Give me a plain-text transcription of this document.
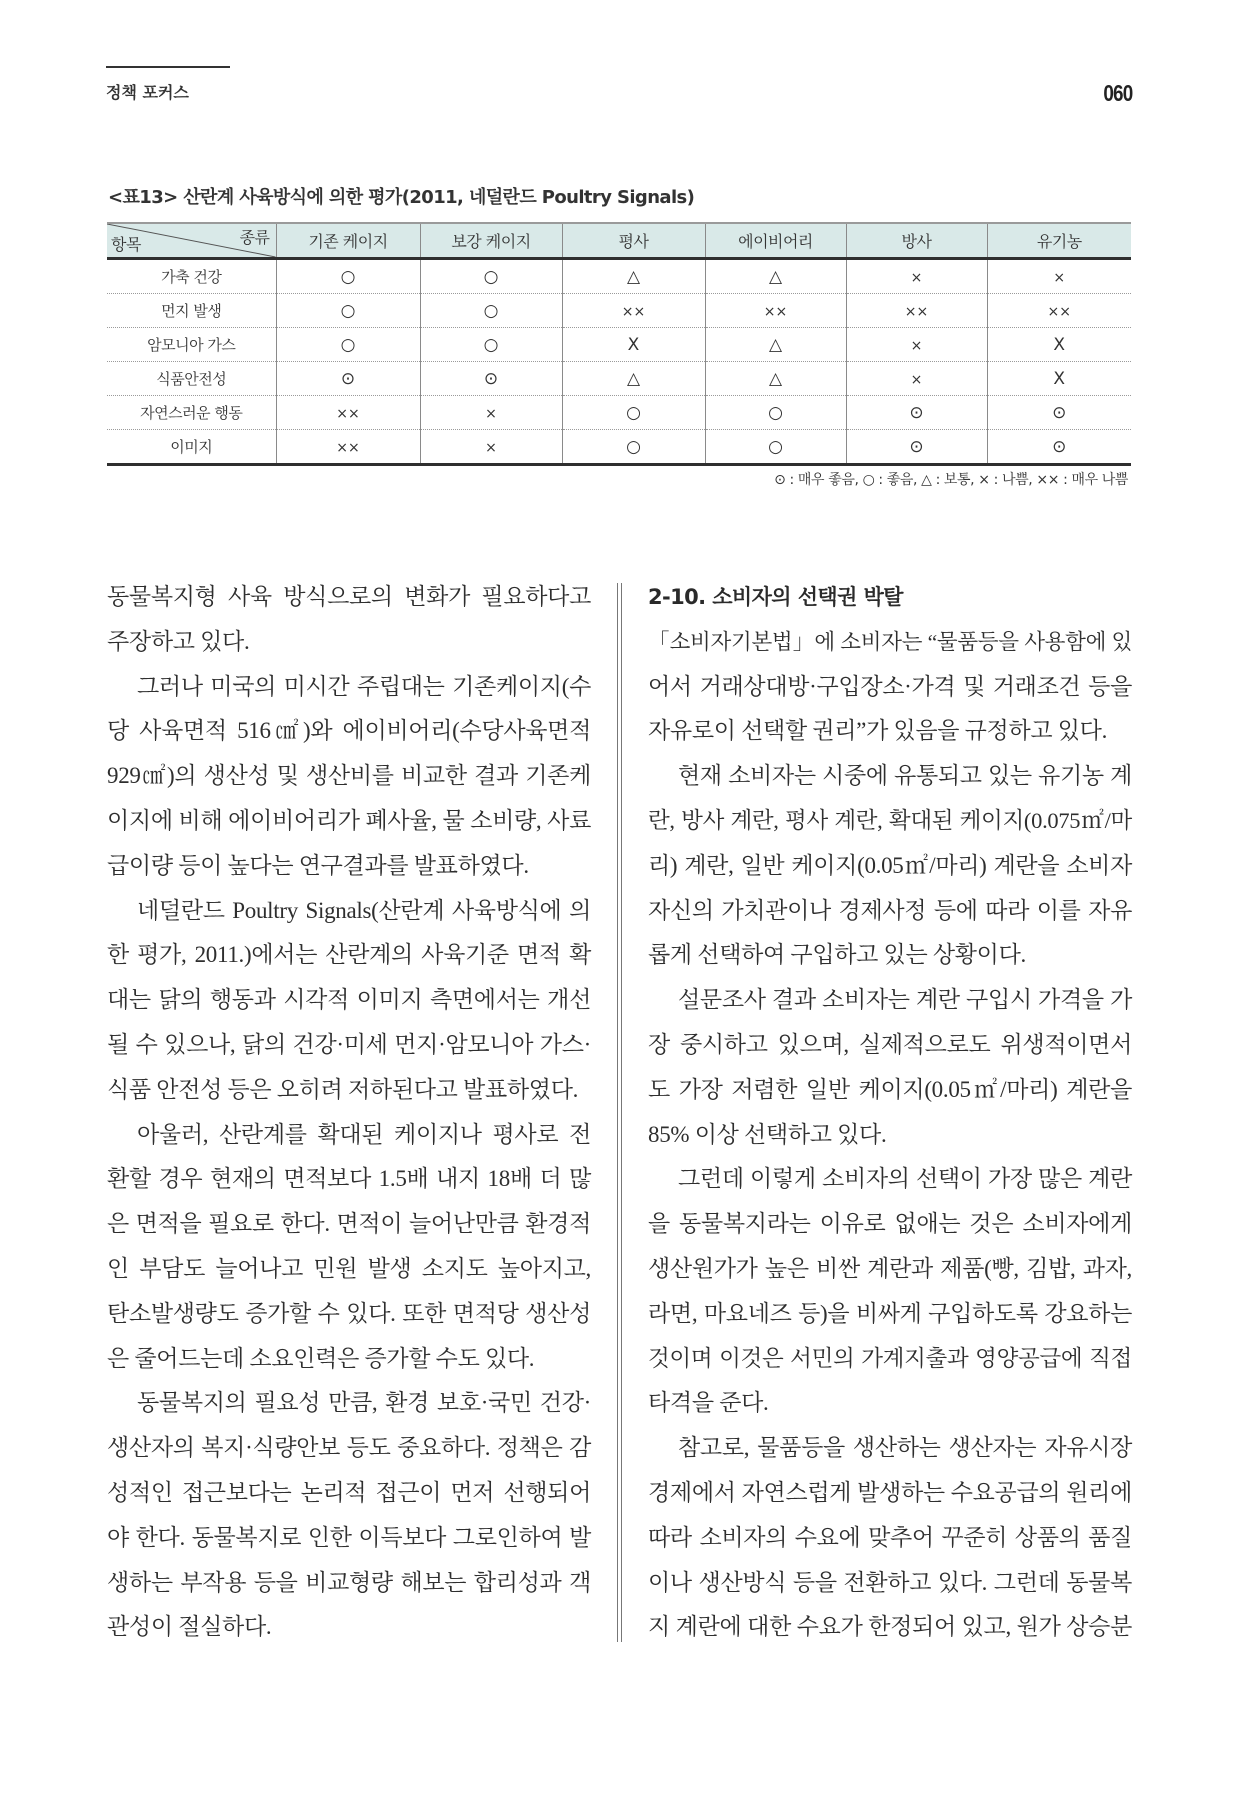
정책 포커스	060
<표13> 산란계 사육방식에 의한 평가(2011, 네덜란드 Poultry Signals)
항목 종류	기존 케이지	보강 케이지	평사	에이비어리	방사	유기농
가축 건강	○	○	△	△	×	×
먼지 발생	○	○	××	××	××	××
암모니아 가스	○	○	X	△	×	X
식품안전성	⊙	⊙	△	△	×	X
자연스러운 행동	××	×	○	○	⊙	⊙
이미지	××	×	○	○	⊙	⊙
⊙ : 매우 좋음, ○ : 좋음, △ : 보통, × : 나쁨, ×× : 매우 나쁨
동물복지형 사육 방식으로의 변화가 필요하다고
주장하고 있다.
그러나 미국의 미시간 주립대는 기존케이지(수
당 사육면적 516㎠)와 에이비어리(수당사육면적
929㎠)의 생산성 및 생산비를 비교한 결과 기존케
이지에 비해 에이비어리가 폐사율, 물 소비량, 사료
급이량 등이 높다는 연구결과를 발표하였다.
네덜란드 Poultry Signals(산란계 사육방식에 의
한 평가, 2011.)에서는 산란계의 사육기준 면적 확
대는 닭의 행동과 시각적 이미지 측면에서는 개선
될 수 있으나, 닭의 건강·미세 먼지·암모니아 가스·
식품 안전성 등은 오히려 저하된다고 발표하였다.
아울러, 산란계를 확대된 케이지나 평사로 전
환할 경우 현재의 면적보다 1.5배 내지 18배 더 많
은 면적을 필요로 한다. 면적이 늘어난만큼 환경적
인 부담도 늘어나고 민원 발생 소지도 높아지고,
탄소발생량도 증가할 수 있다. 또한 면적당 생산성
은 줄어드는데 소요인력은 증가할 수도 있다.
동물복지의 필요성 만큼, 환경 보호·국민 건강·
생산자의 복지·식량안보 등도 중요하다. 정책은 감
성적인 접근보다는 논리적 접근이 먼저 선행되어
야 한다. 동물복지로 인한 이득보다 그로인하여 발
생하는 부작용 등을 비교형량 해보는 합리성과 객
관성이 절실하다.
2-10. 소비자의 선택권 박탈
「소비자기본법」에 소비자는 “물품등을 사용함에 있
어서 거래상대방·구입장소·가격 및 거래조건 등을
자유로이 선택할 권리”가 있음을 규정하고 있다.
현재 소비자는 시중에 유통되고 있는 유기농 계
란, 방사 계란, 평사 계란, 확대된 케이지(0.075㎡/마
리) 계란, 일반 케이지(0.05㎡/마리) 계란을 소비자
자신의 가치관이나 경제사정 등에 따라 이를 자유
롭게 선택하여 구입하고 있는 상황이다.
설문조사 결과 소비자는 계란 구입시 가격을 가
장 중시하고 있으며, 실제적으로도 위생적이면서
도 가장 저렴한 일반 케이지(0.05㎡/마리) 계란을
85% 이상 선택하고 있다.
그런데 이렇게 소비자의 선택이 가장 많은 계란
을 동물복지라는 이유로 없애는 것은 소비자에게
생산원가가 높은 비싼 계란과 제품(빵, 김밥, 과자,
라면, 마요네즈 등)을 비싸게 구입하도록 강요하는
것이며 이것은 서민의 가계지출과 영양공급에 직접
타격을 준다.
참고로, 물품등을 생산하는 생산자는 자유시장
경제에서 자연스럽게 발생하는 수요공급의 원리에
따라 소비자의 수요에 맞추어 꾸준히 상품의 품질
이나 생산방식 등을 전환하고 있다. 그런데 동물복
지 계란에 대한 수요가 한정되어 있고, 원가 상승분
